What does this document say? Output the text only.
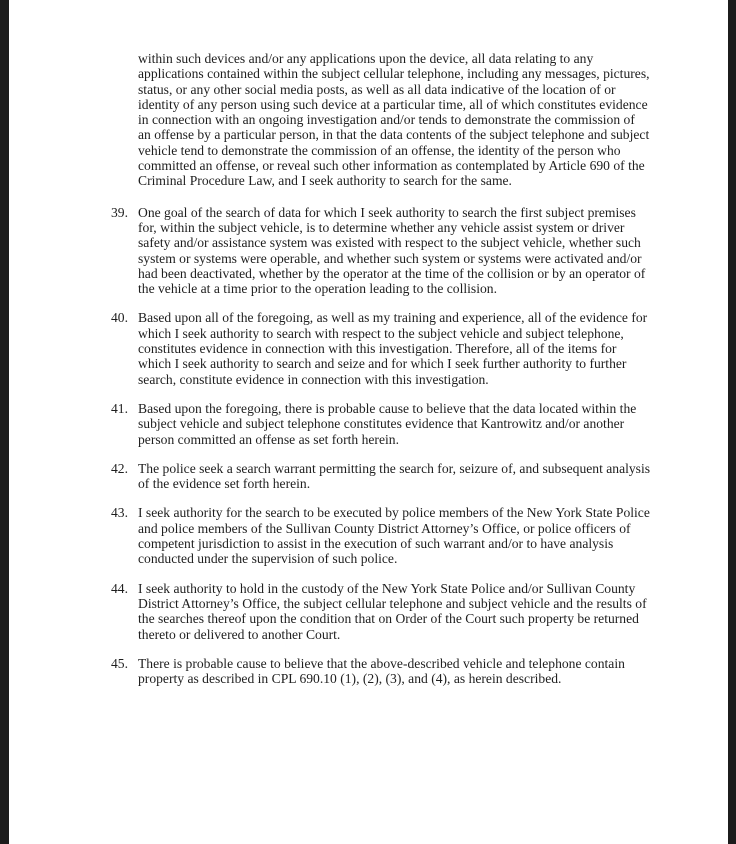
within such devices and/or any applications upon the device, all data relating to any applications contained within the subject cellular telephone, including any messages, pictures, status, or any other social media posts, as well as all data indicative of the location of or identity of any person using such device at a particular time, all of which constitutes evidence in connection with an ongoing investigation and/or tends to demonstrate the commission of an offense by a particular person, in that the data contents of the subject telephone and subject vehicle tend to demonstrate the commission of an offense, the identity of the person who committed an offense, or reveal such other information as contemplated by Article 690 of the Criminal Procedure Law, and I seek authority to search for the same.

39. One goal of the search of data for which I seek authority to search the first subject premises for, within the subject vehicle, is to determine whether any vehicle assist system or driver safety and/or assistance system was existed with respect to the subject vehicle, whether such system or systems were operable, and whether such system or systems were activated and/or had been deactivated, whether by the operator at the time of the collision or by an operator of the vehicle at a time prior to the operation leading to the collision.
40. Based upon all of the foregoing, as well as my training and experience, all of the evidence for which I seek authority to search with respect to the subject vehicle and subject telephone, constitutes evidence in connection with this investigation. Therefore, all of the items for which I seek authority to search and seize and for which I seek further authority to further search, constitute evidence in connection with this investigation.
41. Based upon the foregoing, there is probable cause to believe that the data located within the subject vehicle and subject telephone constitutes evidence that Kantrowitz and/or another person committed an offense as set forth herein.
42. The police seek a search warrant permitting the search for, seizure of, and subsequent analysis of the evidence set forth herein.
43. I seek authority for the search to be executed by police members of the New York State Police and police members of the Sullivan County District Attorney’s Office, or police officers of competent jurisdiction to assist in the execution of such warrant and/or to have analysis conducted under the supervision of such police.
44. I seek authority to hold in the custody of the New York State Police and/or Sullivan County District Attorney’s Office, the subject cellular telephone and subject vehicle and the results of the searches thereof upon the condition that on Order of the Court such property be returned thereto or delivered to another Court.
45. There is probable cause to believe that the above-described vehicle and telephone contain property as described in CPL 690.10 (1), (2), (3), and (4), as herein described.
